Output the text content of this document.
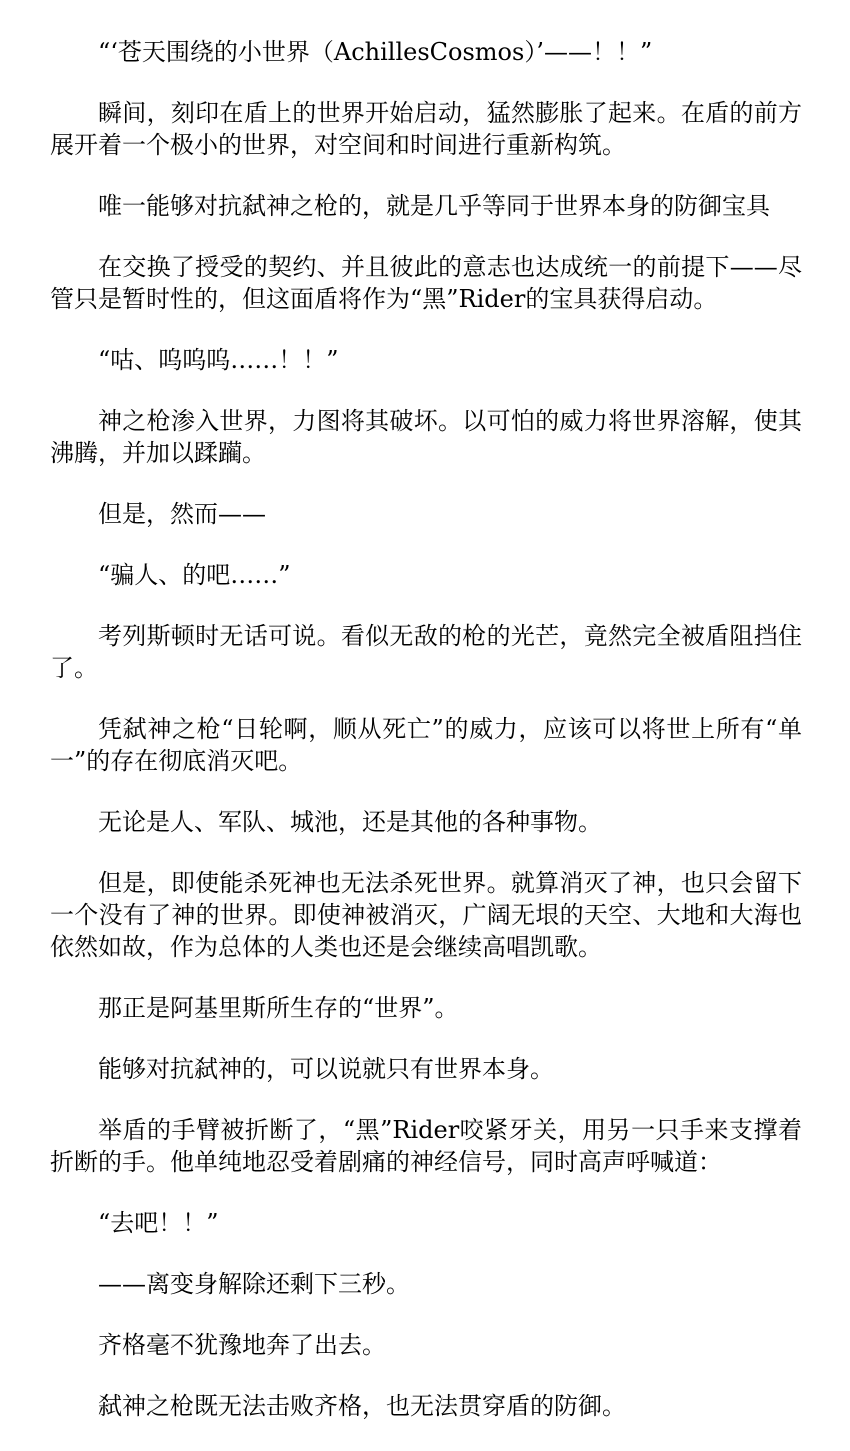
“‘苍天围绕的小世界（AchillesCosmos）’——！！”

瞬间，刻印在盾上的世界开始启动，猛然膨胀了起来。在盾的前方展开着一个极小的世界，对空间和时间进行重新构筑。

唯一能够对抗弑神之枪的，就是几乎等同于世界本身的防御宝具

在交换了授受的契约、并且彼此的意志也达成统一的前提下——尽管只是暂时性的，但这面盾将作为“黑”Rider的宝具获得启动。

“咕、呜呜呜……！！”

神之枪渗入世界，力图将其破坏。以可怕的威力将世界溶解，使其沸腾，并加以蹂躏。

但是，然而——

“骗人、的吧……”

考列斯顿时无话可说。看似无敌的枪的光芒，竟然完全被盾阻挡住了。

凭弑神之枪“日轮啊，顺从死亡”的威力，应该可以将世上所有“单一”的存在彻底消灭吧。

无论是人、军队、城池，还是其他的各种事物。

但是，即使能杀死神也无法杀死世界。就算消灭了神，也只会留下一个没有了神的世界。即使神被消灭，广阔无垠的天空、大地和大海也依然如故，作为总体的人类也还是会继续高唱凯歌。

那正是阿基里斯所生存的“世界”。

能够对抗弑神的，可以说就只有世界本身。

举盾的手臂被折断了，“黑”Rider咬紧牙关，用另一只手来支撑着折断的手。他单纯地忍受着剧痛的神经信号，同时高声呼喊道：

“去吧！！”

——离变身解除还剩下三秒。

齐格毫不犹豫地奔了出去。

弑神之枪既无法击败齐格，也无法贯穿盾的防御。
